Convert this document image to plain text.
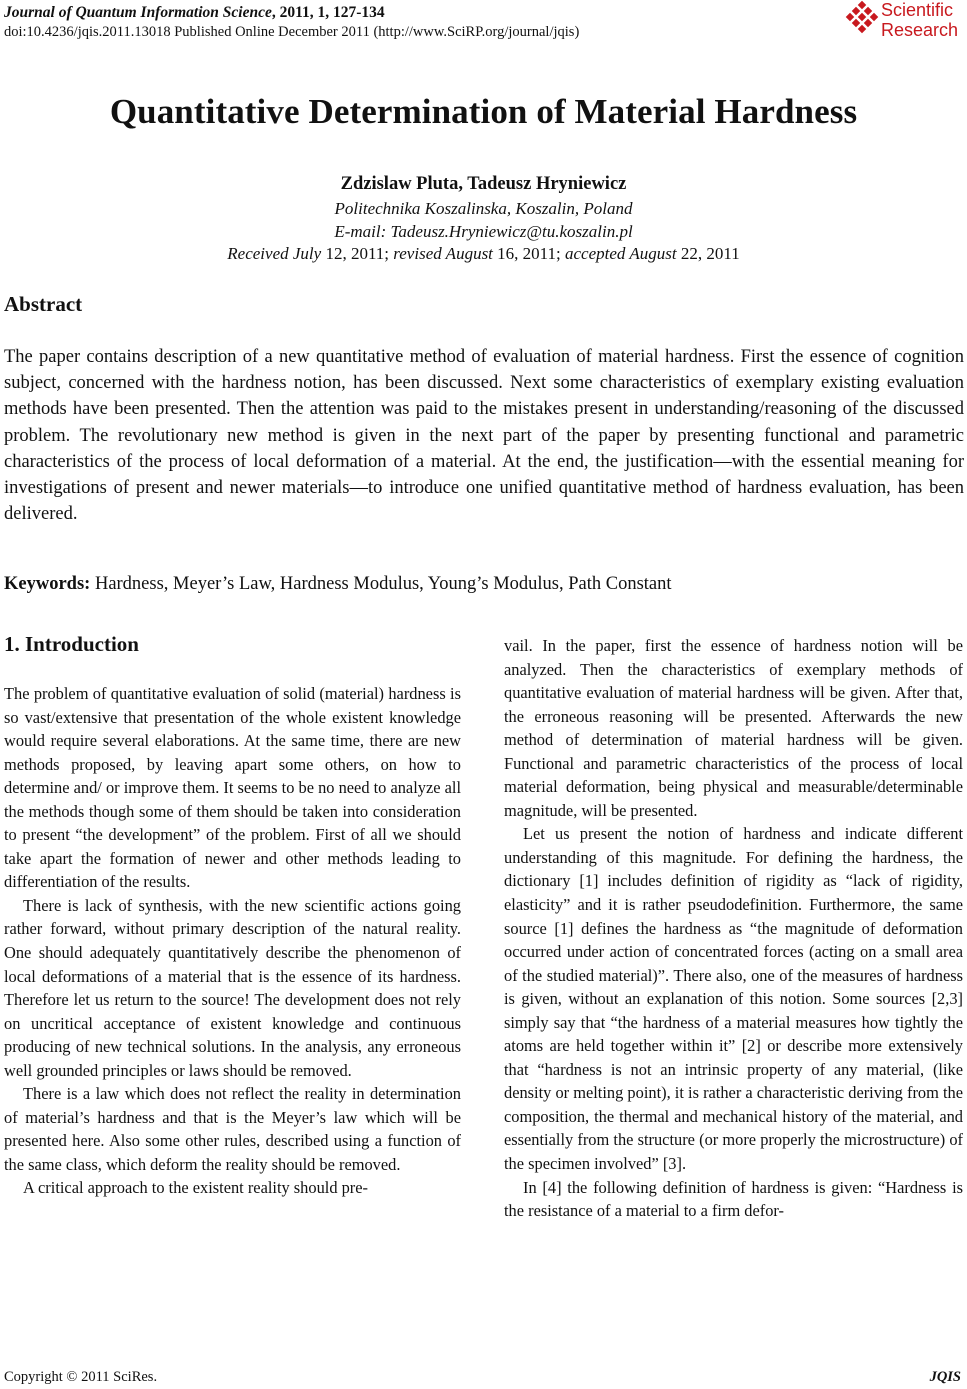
Journal of Quantum Information Science, 2011, 1, 127-134
doi:10.4236/jqis.2011.13018 Published Online December 2011 (http://www.SciRP.org/journal/jqis)
Scientific
Research
Quantitative Determination of Material Hardness
Zdzislaw Pluta, Tadeusz Hryniewicz
Politechnika Koszalinska, Koszalin, Poland
E-mail: Tadeusz.Hryniewicz@tu.koszalin.pl
Received July 12, 2011; revised August 16, 2011; accepted August 22, 2011
Abstract
The paper contains description of a new quantitative method of evaluation of material hardness. First the essence of cognition subject, concerned with the hardness notion, has been discussed. Next some characteristics of exemplary existing evaluation methods have been presented. Then the attention was paid to the mistakes present in understanding/reasoning of the discussed problem. The revolutionary new method is given in the next part of the paper by presenting functional and parametric characteristics of the process of local deformation of a material. At the end, the justification—with the essential meaning for investigations of present and newer materials—to introduce one unified quantitative method of hardness evaluation, has been delivered.
Keywords: Hardness, Meyer’s Law, Hardness Modulus, Young’s Modulus, Path Constant
1. Introduction

The problem of quantitative evaluation of solid (material) hardness is so vast/extensive that presentation of the whole existent knowledge would require several elaborations. At the same time, there are new methods proposed, by leaving apart some others, on how to determine and/ or improve them. It seems to be no need to analyze all the methods though some of them should be taken into consideration to present “the development” of the problem. First of all we should take apart the formation of newer and other methods leading to differentiation of the results.

There is lack of synthesis, with the new scientific actions going rather forward, without primary description of the natural reality. One should adequately quantitatively describe the phenomenon of local deformations of a material that is the essence of its hardness. Therefore let us return to the source! The development does not rely on uncritical acceptance of existent knowledge and continuous producing of new technical solutions. In the analysis, any erroneous well grounded principles or laws should be removed.

There is a law which does not reflect the reality in determination of material’s hardness and that is the Meyer’s law which will be presented here. Also some other rules, described using a function of the same class, which deform the reality should be removed.

A critical approach to the existent reality should pre-

vail. In the paper, first the essence of hardness notion will be analyzed. Then the characteristics of exemplary methods of quantitative evaluation of material hardness will be given. After that, the erroneous reasoning will be presented. Afterwards the new method of determination of material hardness will be given. Functional and parametric characteristics of the process of local material deformation, being physical and measurable/determinable magnitude, will be presented.

Let us present the notion of hardness and indicate different understanding of this magnitude. For defining the hardness, the dictionary [1] includes definition of rigidity as “lack of rigidity, elasticity” and it is rather pseudodefinition. Furthermore, the same source [1] defines the hardness as “the magnitude of deformation occurred under action of concentrated forces (acting on a small area of the studied material)”. There also, one of the measures of hardness is given, without an explanation of this notion. Some sources [2,3] simply say that “the hardness of a material measures how tightly the atoms are held together within it” [2] or describe more extensively that “hardness is not an intrinsic property of any material, (like density or melting point), it is rather a characteristic deriving from the composition, the thermal and mechanical history of the material, and essentially from the structure (or more properly the microstructure) of the specimen involved” [3].

In [4] the following definition of hardness is given: “Hardness is the resistance of a material to a firm defor-

Copyright © 2011 SciRes.	JQIS
